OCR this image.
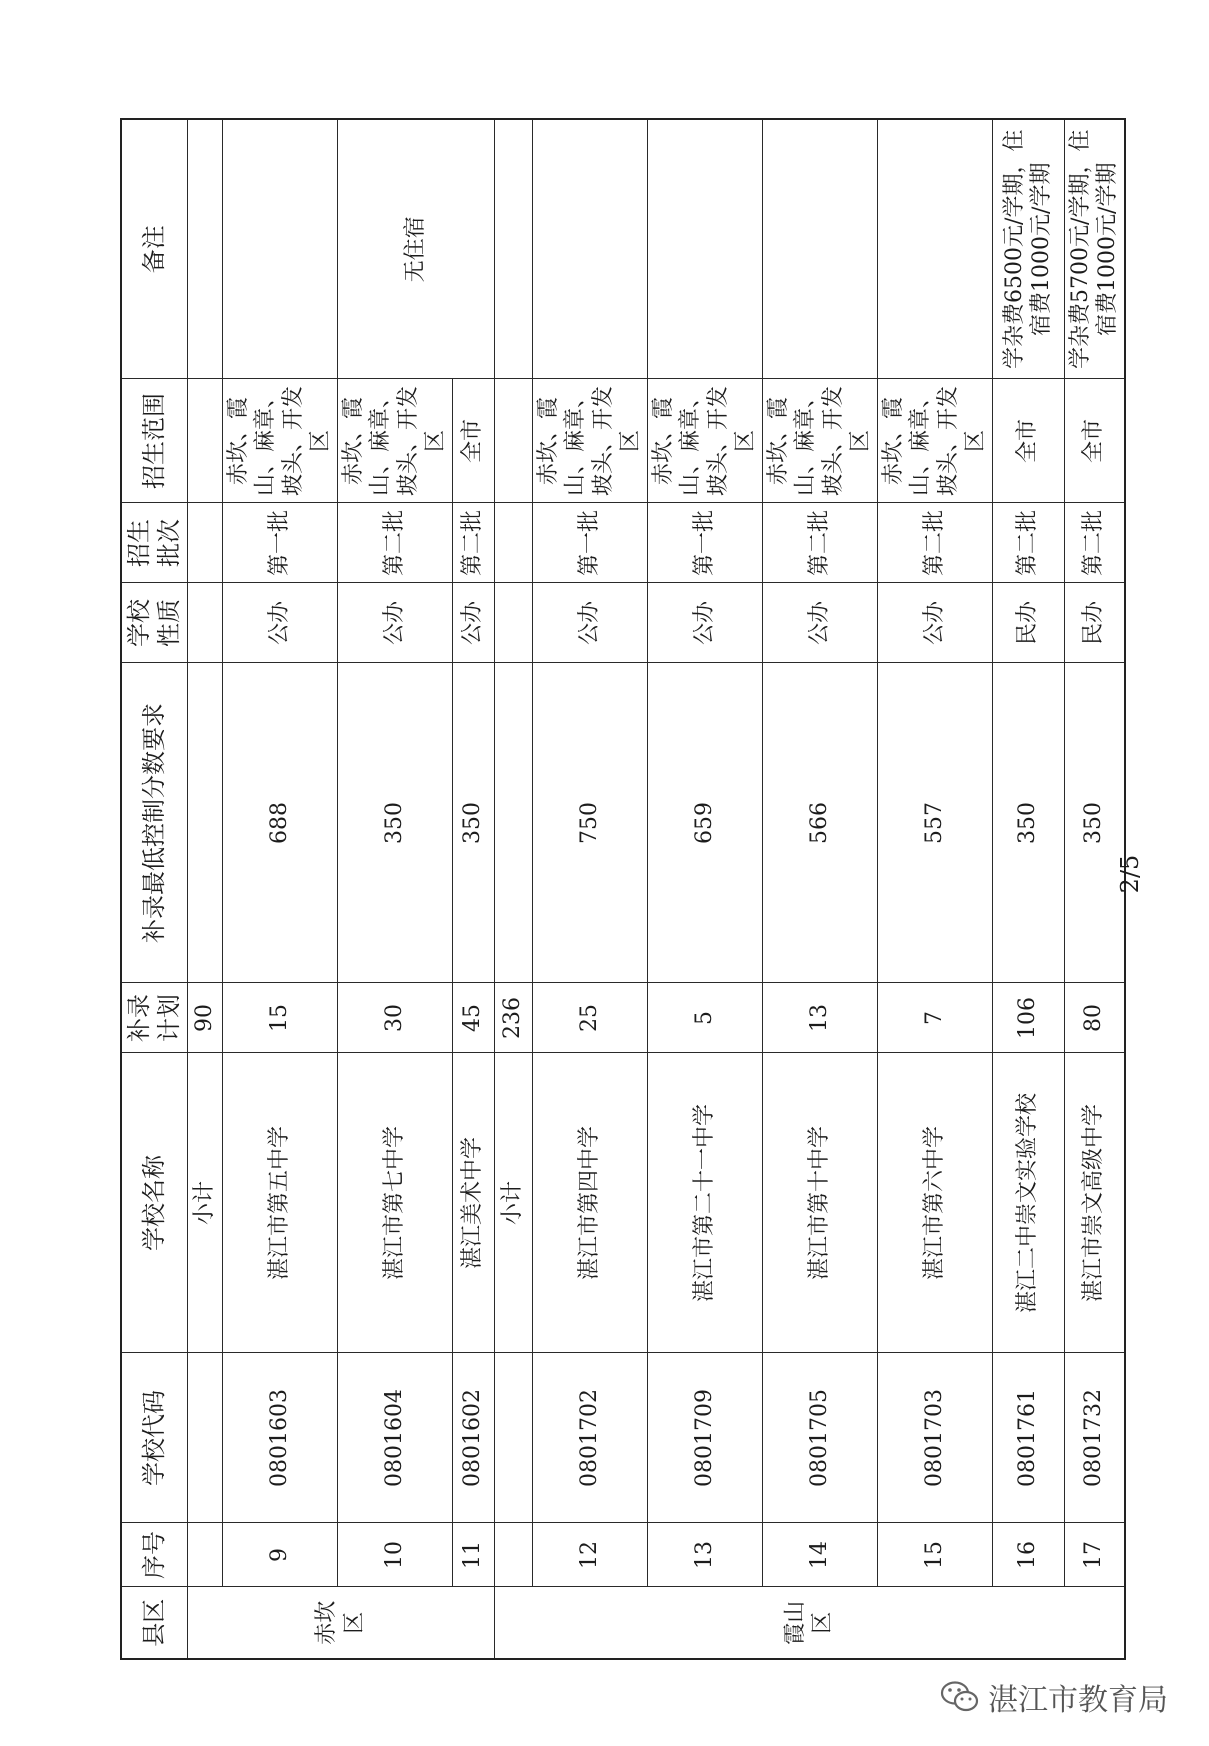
县区	序号	学校代码	学校名称	补录计划	补录最低控制分数要求	学校性质	招生批次	招生范围	备注
赤坎区			小计	90					
	9	0801603	湛江市第五中学	15	688	公办	第一批	赤坎、霞山、麻章、坡头、开发区	
	10	0801604	湛江市第七中学	30	350	公办	第二批	赤坎、霞山、麻章、坡头、开发区	无住宿
	11	0801602	湛江美术中学	45	350	公办	第二批	全市	
霞山区			小计	236					
	12	0801702	湛江市第四中学	25	750	公办	第一批	赤坎、霞山、麻章、坡头、开发区	
	13	0801709	湛江市第二十一中学	5	659	公办	第一批	赤坎、霞山、麻章、坡头、开发区	
	14	0801705	湛江市第十中学	13	566	公办	第二批	赤坎、霞山、麻章、坡头、开发区	
	15	0801703	湛江市第六中学	7	557	公办	第二批	赤坎、霞山、麻章、坡头、开发区	
	16	0801761	湛江二中崇文实验学校	106	350	民办	第二批	全市	学杂费6500元/学期，住宿费1000元/学期
	17	0801732	湛江市崇文高级中学	80	350	民办	第二批	全市	学杂费5700元/学期，住宿费1000元/学期
2/5
湛江市教育局
